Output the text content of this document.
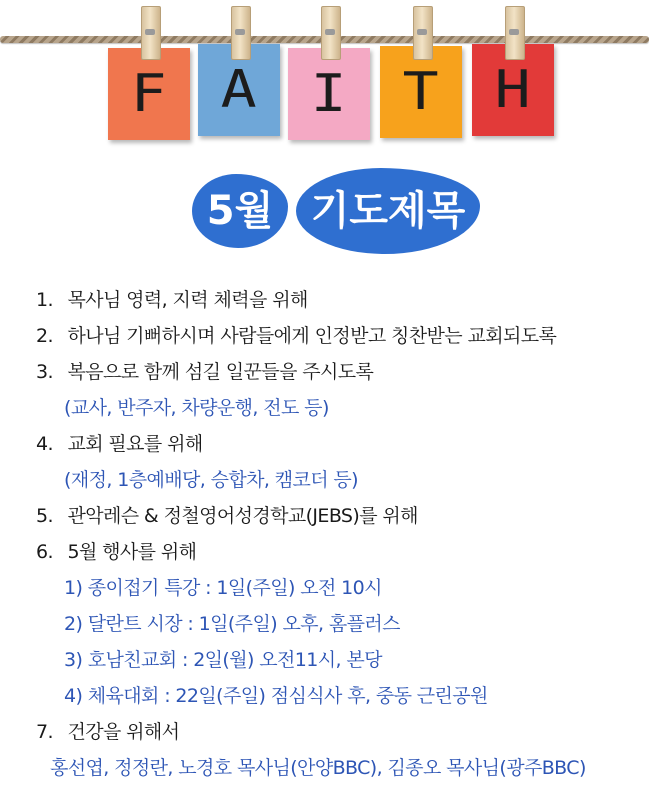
F A I T H
5월 기도제목
1. 목사님 영력, 지력 체력을 위해
2. 하나님 기뻐하시며 사람들에게 인정받고 칭찬받는 교회되도록
3. 복음으로 함께 섬길 일꾼들을 주시도록
(교사, 반주자, 차량운행, 전도 등)
4. 교회 필요를 위해
(재정, 1층예배당, 승합차, 캠코더 등)
5. 관악레슨 & 정철영어성경학교(JEBS)를 위해
6. 5월 행사를 위해
1) 종이접기 특강 : 1일(주일) 오전 10시
2) 달란트 시장 : 1일(주일) 오후, 홈플러스
3) 호남친교회 : 2일(월) 오전11시, 본당
4) 체육대회 : 22일(주일) 점심식사 후, 중동 근린공원
7. 건강을 위해서
홍선엽, 정정란, 노경호 목사님(안양BBC), 김종오 목사님(광주BBC)
